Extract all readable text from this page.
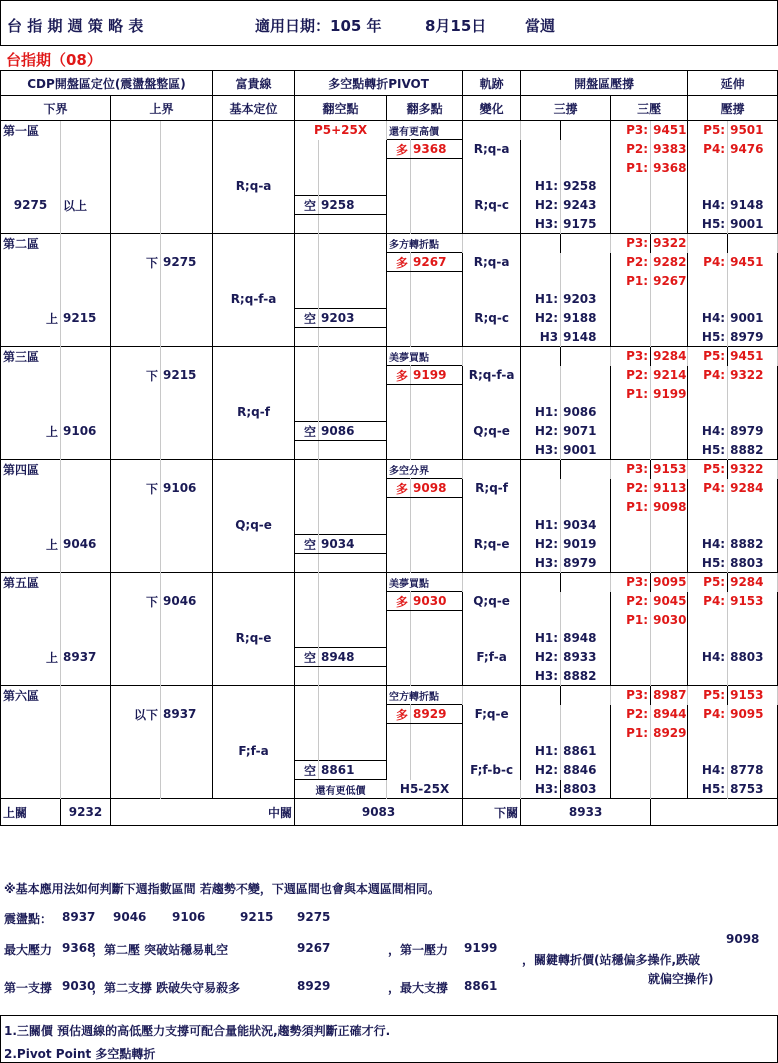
台 指 期 週 策 略 表	適用日期：105 年	8月15日	當週
台指期（08）
CDP開盤區定位(震盪盤整區)				富貴線	多空點轉折PIVOT				軌跡	開盤區壓撐				延伸	
下界		上界		基本定位	翻空點		翻多點		變化	三撐		三壓		壓撐	
第一區					P5+25X		還有更高價					P3:	9451	P5:	9501
							多	9368	R;q-a			P2:	9383	P4:	9476
												P1:	9368		
				R;q-a						H1:	9258				
9275	以上				空	9258			R;q-c	H2:	9243			H4:	9148
										H3:	9175			H5:	9001
第二區							多方轉折點					P3:	9322		
		下	9275				多	9267	R;q-a			P2:	9282	P4:	9451
												P1:	9267		
				R;q-f-a						H1:	9203				
上	9215				空	9203			R;q-c	H2:	9188			H4:	9001
										H3	9148			H5:	8979
第三區							美夢買點					P3:	9284	P5:	9451
		下	9215				多	9199	R;q-f-a			P2:	9214	P4:	9322
												P1:	9199		
				R;q-f						H1:	9086				
上	9106				空	9086			Q;q-e	H2:	9071			H4:	8979
										H3:	9001			H5:	8882
第四區							多空分界					P3:	9153	P5:	9322
		下	9106				多	9098	R;q-f			P2:	9113	P4:	9284
												P1:	9098		
				Q;q-e						H1:	9034				
上	9046				空	9034			R;q-e	H2:	9019			H4:	8882
										H3:	8979			H5:	8803
第五區							美夢買點					P3:	9095	P5:	9284
		下	9046				多	9030	Q;q-e			P2:	9045	P4:	9153
												P1:	9030		
				R;q-e						H1:	8948				
上	8937				空	8948			F;f-a	H2:	8933			H4:	8803
										H3:	8882				
第六區							空方轉折點					P3:	8987	P5:	9153
		以下	8937				多	8929	F;q-e			P2:	8944	P4:	9095
												P1:	8929		
				F;f-a						H1:	8861				
					空	8861			F;f-b-c	H2:	8846			H4:	8778
					還有更低價		H5-25X			H3:	8803			H5:	8753
上關	9232	中關			9083				下關	8933					
※基本應用法如何判斷下週指數區間 若趨勢不變，下週區間也會與本週區間相同。
震盪點： 8937 9046 9106	9215 9275
最大壓力 9368
，第二壓 突破站穩易軋空	9267	，第一壓力 9199
第一支撐 9030
，第二支撐 跌破失守易殺多	8929	，最大支撐 8861
9098
，關鍵轉折價(站穩偏多操作,跌破
就偏空操作)
1.三關價 預估週線的高低壓力支撐可配合量能狀況,趨勢須判斷正確才行.
2.Pivot Point 多空點轉折
